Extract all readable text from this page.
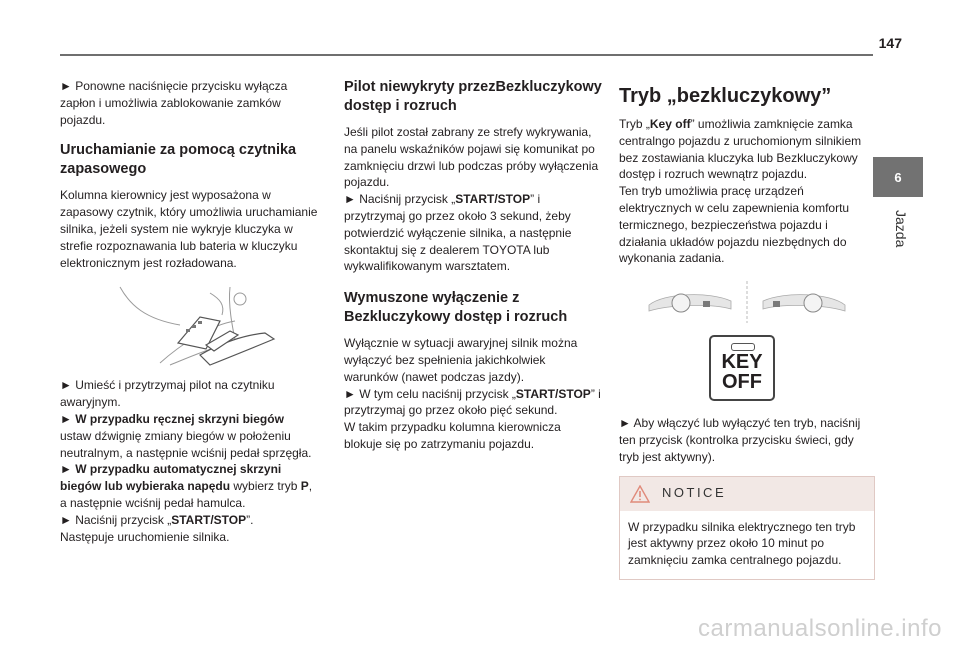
147
6
Jazda

► Ponowne naciśnięcie przycisku wyłącza zapłon i umożliwia zablokowanie zamków pojazdu.

Uruchamianie za pomocą czytnika zapasowego

Kolumna kierownicy jest wyposażona w zapasowy czytnik, który umożliwia uruchamianie silnika, jeżeli system nie wykryje kluczyka w strefie rozpoznawania lub bateria w kluczyku elektronicznym jest rozładowana.

► Umieść i przytrzymaj pilot na czytniku awaryjnym.

► W przypadku ręcznej skrzyni biegów
ustaw dźwignię zmiany biegów w położeniu neutralnym, a następnie wciśnij pedał sprzęgła.

► W przypadku automatycznej skrzyni biegów lub wybieraka napędu wybierz tryb P, a następnie wciśnij pedał hamulca.

► Naciśnij przycisk „START/STOP”.

Następuje uruchomienie silnika.

Pilot niewykryty przezBezkluczykowy dostęp i rozruch

Jeśli pilot został zabrany ze strefy wykrywania, na panelu wskaźników pojawi się komunikat po zamknięciu drzwi lub podczas próby wyłączenia pojazdu.

► Naciśnij przycisk „START/STOP” i przytrzymaj go przez około 3 sekund, żeby potwierdzić wyłączenie silnika, a następnie skontaktuj się z dealerem TOYOTA lub wykwalifikowanym warsztatem.

Wymuszone wyłączenie z Bezkluczykowy dostęp i rozruch

Wyłącznie w sytuacji awaryjnej silnik można wyłączyć bez spełnienia jakichkolwiek warunków (nawet podczas jazdy).

► W tym celu naciśnij przycisk „START/STOP” i przytrzymaj go przez około pięć sekund.

W takim przypadku kolumna kierownicza blokuje się po zatrzymaniu pojazdu.

Tryb „bezkluczykowy”

Tryb „Key off” umożliwia zamknięcie zamka centralngo pojazdu z uruchomionym silnikiem bez zostawiania kluczyka lub Bezkluczykowy dostęp i rozruch wewnątrz pojazdu.

Ten tryb umożliwia pracę urządzeń elektrycznych w celu zapewnienia komfortu termicznego, bezpieczeństwa pojazdu i działania układów pojazdu niezbędnych do wykonania zadania.

KEY
OFF

► Aby włączyć lub wyłączyć ten tryb, naciśnij ten przycisk (kontrolka przycisku świeci, gdy tryb jest aktywny).

NOTICE
W przypadku silnika elektrycznego ten tryb jest aktywny przez około 10 minut po zamknięciu zamka centralnego pojazdu.
carmanualsonline.info
